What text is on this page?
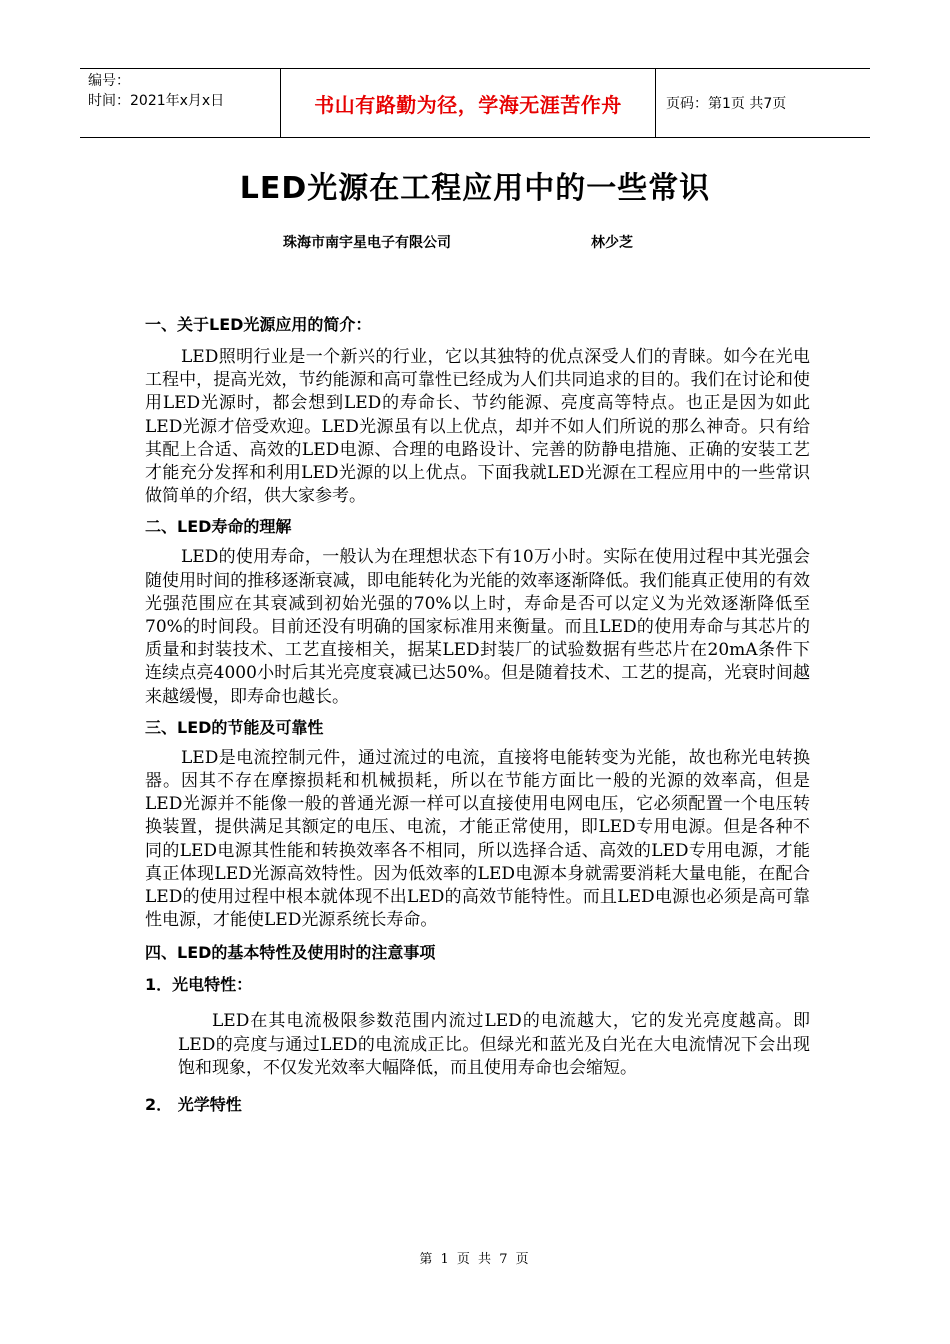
编号：
时间：2021年x月x日	书山有路勤为径，学海无涯苦作舟	页码：第1页 共7页
LED光源在工程应用中的一些常识
珠海市南宇星电子有限公司	林少芝

一、关于LED光源应用的简介：

LED照明行业是一个新兴的行业，它以其独特的优点深受人们的青睐。如今在光电工程中，提高光效，节约能源和高可靠性已经成为人们共同追求的目的。我们在讨论和使用LED光源时，都会想到LED的寿命长、节约能源、亮度高等特点。也正是因为如此LED光源才倍受欢迎。LED光源虽有以上优点，却并不如人们所说的那么神奇。只有给其配上合适、高效的LED电源、合理的电路设计、完善的防静电措施、正确的安装工艺才能充分发挥和利用LED光源的以上优点。下面我就LED光源在工程应用中的一些常识做简单的介绍，供大家参考。

二、LED寿命的理解

LED的使用寿命，一般认为在理想状态下有10万小时。实际在使用过程中其光强会随使用时间的推移逐渐衰减，即电能转化为光能的效率逐渐降低。我们能真正使用的有效光强范围应在其衰减到初始光强的70%以上时，寿命是否可以定义为光效逐渐降低至70%的时间段。目前还没有明确的国家标准用来衡量。而且LED的使用寿命与其芯片的质量和封装技术、工艺直接相关，据某LED封装厂的试验数据有些芯片在20mA条件下连续点亮4000小时后其光亮度衰减已达50%。但是随着技术、工艺的提高，光衰时间越来越缓慢，即寿命也越长。

三、LED的节能及可靠性

LED是电流控制元件，通过流过的电流，直接将电能转变为光能，故也称光电转换器。因其不存在摩擦损耗和机械损耗，所以在节能方面比一般的光源的效率高，但是LED光源并不能像一般的普通光源一样可以直接使用电网电压，它必须配置一个电压转换装置，提供满足其额定的电压、电流，才能正常使用，即LED专用电源。但是各种不同的LED电源其性能和转换效率各不相同，所以选择合适、高效的LED专用电源，才能真正体现LED光源高效特性。因为低效率的LED电源本身就需要消耗大量电能，在配合LED的使用过程中根本就体现不出LED的高效节能特性。而且LED电源也必须是高可靠性电源，才能使LED光源系统长寿命。

四、LED的基本特性及使用时的注意事项

1．光电特性：

LED在其电流极限参数范围内流过LED的电流越大，它的发光亮度越高。即LED的亮度与通过LED的电流成正比。但绿光和蓝光及白光在大电流情况下会出现饱和现象，不仅发光效率大幅降低，而且使用寿命也会缩短。

2． 光学特性

第 1 页 共 7 页
